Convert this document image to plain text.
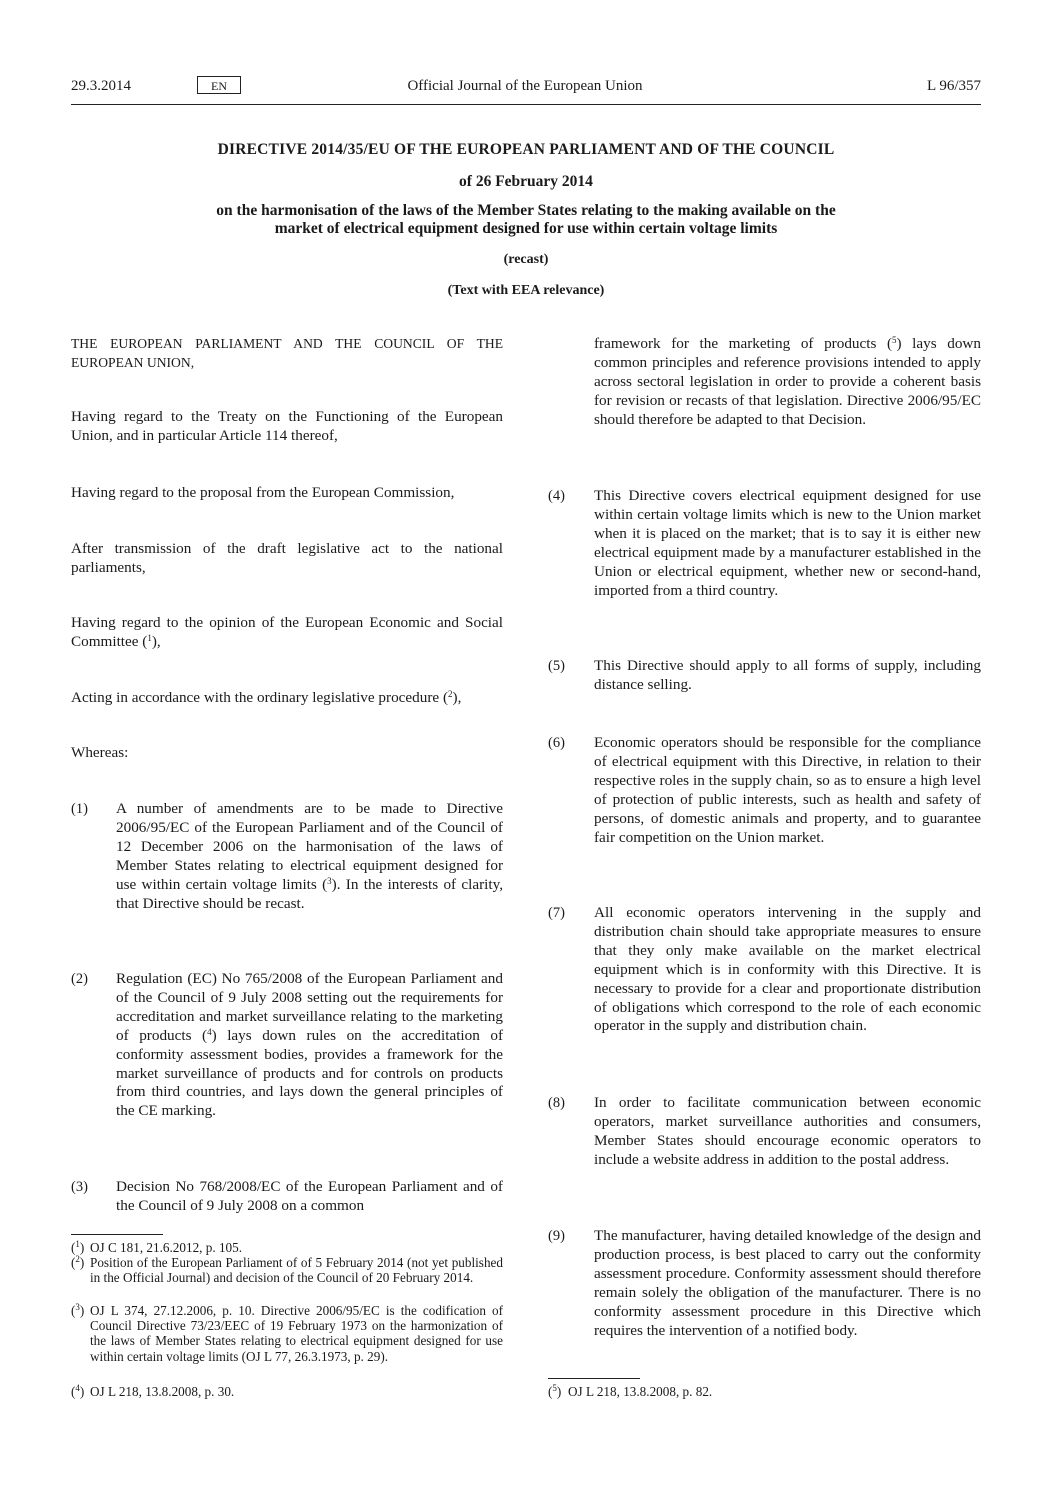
29.3.2014	EN	Official Journal of the European Union	L 96/357
DIRECTIVE 2014/35/EU OF THE EUROPEAN PARLIAMENT AND OF THE COUNCIL
of 26 February 2014
on the harmonisation of the laws of the Member States relating to the making available on the
market of electrical equipment designed for use within certain voltage limits
(recast)
(Text with EEA relevance)
THE EUROPEAN PARLIAMENT AND THE COUNCIL OF THE EUROPEAN UNION,
Having regard to the Treaty on the Functioning of the European Union, and in particular Article 114 thereof,
Having regard to the proposal from the European Commission,
After transmission of the draft legislative act to the national parliaments,
Having regard to the opinion of the European Economic and Social Committee ($^1$),
Acting in accordance with the ordinary legislative procedure ($^2$),
Whereas:
(1) A number of amendments are to be made to Directive 2006/95/EC of the European Parliament and of the Council of 12 December 2006 on the harmonisation of the laws of Member States relating to electrical equipment designed for use within certain voltage limits ($^3$). In the interests of clarity, that Directive should be recast.
(2) Regulation (EC) No 765/2008 of the European Parliament and of the Council of 9 July 2008 setting out the requirements for accreditation and market surveillance relating to the marketing of products ($^4$) lays down rules on the accreditation of conformity assessment bodies, provides a framework for the market surveillance of products and for controls on products from third countries, and lays down the general principles of the CE marking.
(3) Decision No 768/2008/EC of the European Parliament and of the Council of 9 July 2008 on a common
($^1$) OJ C 181, 21.6.2012, p. 105.
($^2$) Position of the European Parliament of of 5 February 2014 (not yet published in the Official Journal) and decision of the Council of 20 February 2014.
($^3$) OJ L 374, 27.12.2006, p. 10. Directive 2006/95/EC is the codification of Council Directive 73/23/EEC of 19 February 1973 on the harmonization of the laws of Member States relating to electrical equipment designed for use within certain voltage limits (OJ L 77, 26.3.1973, p. 29).
($^4$) OJ L 218, 13.8.2008, p. 30.
framework for the marketing of products ($^5$) lays down common principles and reference provisions intended to apply across sectoral legislation in order to provide a coherent basis for revision or recasts of that legislation. Directive 2006/95/EC should therefore be adapted to that Decision.
(4) This Directive covers electrical equipment designed for use within certain voltage limits which is new to the Union market when it is placed on the market; that is to say it is either new electrical equipment made by a manufacturer established in the Union or electrical equipment, whether new or second-hand, imported from a third country.
(5) This Directive should apply to all forms of supply, including distance selling.
(6) Economic operators should be responsible for the compliance of electrical equipment with this Directive, in relation to their respective roles in the supply chain, so as to ensure a high level of protection of public interests, such as health and safety of persons, of domestic animals and property, and to guarantee fair competition on the Union market.
(7) All economic operators intervening in the supply and distribution chain should take appropriate measures to ensure that they only make available on the market electrical equipment which is in conformity with this Directive. It is necessary to provide for a clear and proportionate distribution of obligations which correspond to the role of each economic operator in the supply and distribution chain.
(8) In order to facilitate communication between economic operators, market surveillance authorities and consumers, Member States should encourage economic operators to include a website address in addition to the postal address.
(9) The manufacturer, having detailed knowledge of the design and production process, is best placed to carry out the conformity assessment procedure. Conformity assessment should therefore remain solely the obligation of the manufacturer. There is no conformity assessment procedure in this Directive which requires the intervention of a notified body.
($^5$) OJ L 218, 13.8.2008, p. 82.
